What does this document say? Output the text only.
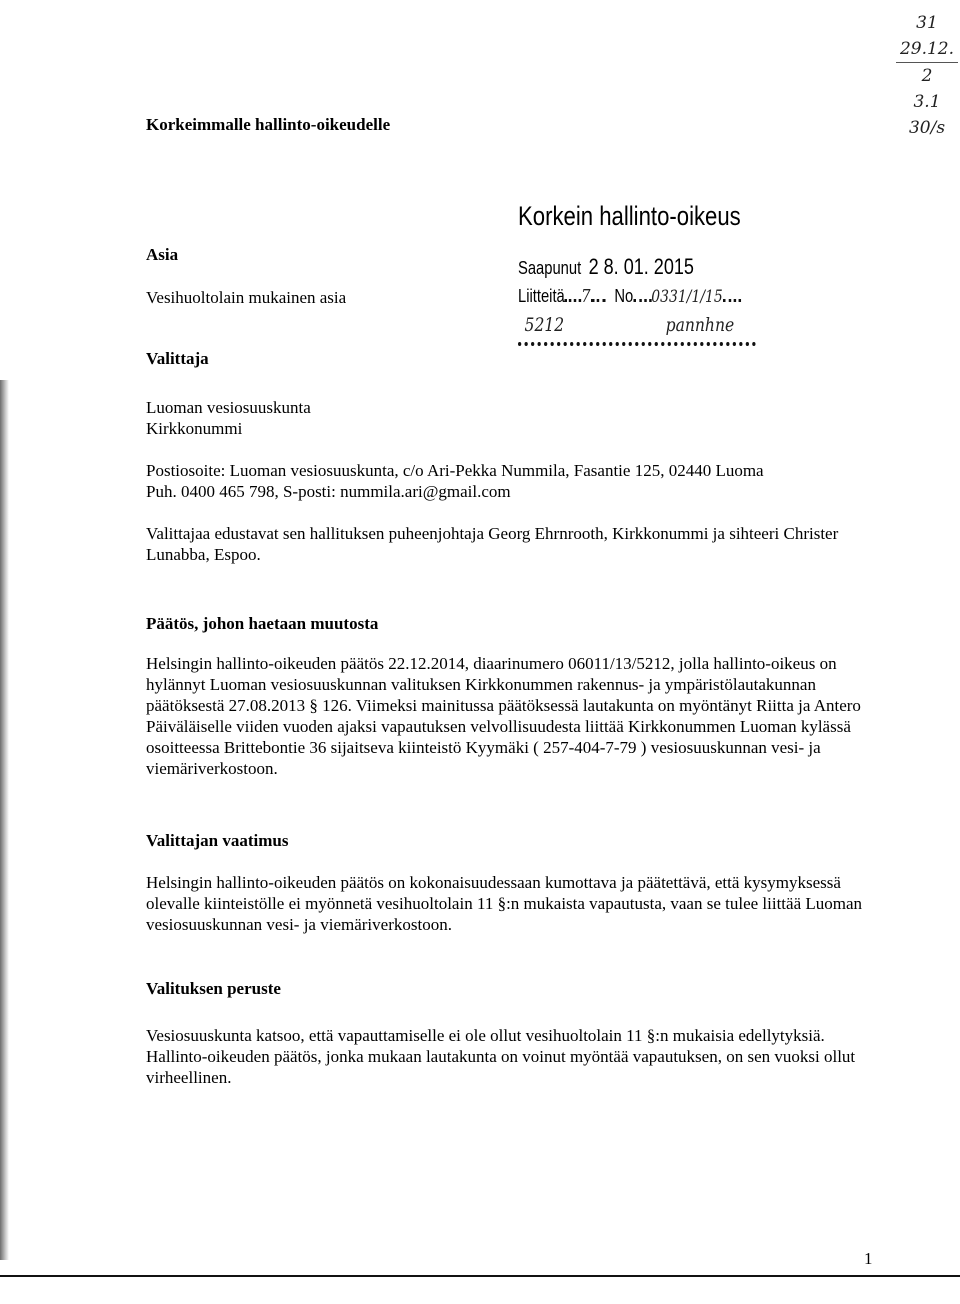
31
29.12.
2
3.1
30/s
Korkeimmalle hallinto-oikeudelle
Korkein hallinto-oikeus
Saapunut 2 8. 01. 2015
Liitteitä 7 No 0331/1/15
5212	pannhne
Asia
Vesihuoltolain mukainen asia
Valittaja
Luoman vesiosuuskunta
Kirkkonummi
Postiosoite: Luoman vesiosuuskunta, c/o Ari-Pekka Nummila, Fasantie 125, 02440 Luoma
Puh. 0400 465 798, S-posti: nummila.ari@gmail.com
Valittajaa edustavat sen hallituksen puheenjohtaja Georg Ehrnrooth, Kirkkonummi ja sihteeri Christer Lunabba, Espoo.
Päätös, johon haetaan muutosta
Helsingin hallinto-oikeuden päätös 22.12.2014, diaarinumero 06011/13/5212, jolla hallinto-oikeus on hylännyt Luoman vesiosuuskunnan valituksen Kirkkonummen rakennus- ja ympäristölautakunnan päätöksestä 27.08.2013 § 126. Viimeksi mainitussa päätöksessä lautakunta on myöntänyt Riitta ja Antero Päiväläiselle viiden vuoden ajaksi vapautuksen velvollisuudesta liittää Kirkkonummen Luoman kylässä osoitteessa Brittebontie 36 sijaitseva kiinteistö Kyymäki ( 257-404-7-79 ) vesiosuuskunnan vesi- ja viemäriverkostoon.
Valittajan vaatimus
Helsingin hallinto-oikeuden päätös on kokonaisuudessaan kumottava ja päätettävä, että kysymyksessä olevalle kiinteistölle ei myönnetä vesihuoltolain 11 §:n mukaista vapautusta, vaan se tulee liittää Luoman vesiosuuskunnan vesi- ja viemäriverkostoon.
Valituksen peruste
Vesiosuuskunta katsoo, että vapauttamiselle ei ole ollut vesihuoltolain 11 §:n mukaisia edellytyksiä. Hallinto-oikeuden päätös, jonka mukaan lautakunta on voinut myöntää vapautuksen, on sen vuoksi ollut virheellinen.
1
